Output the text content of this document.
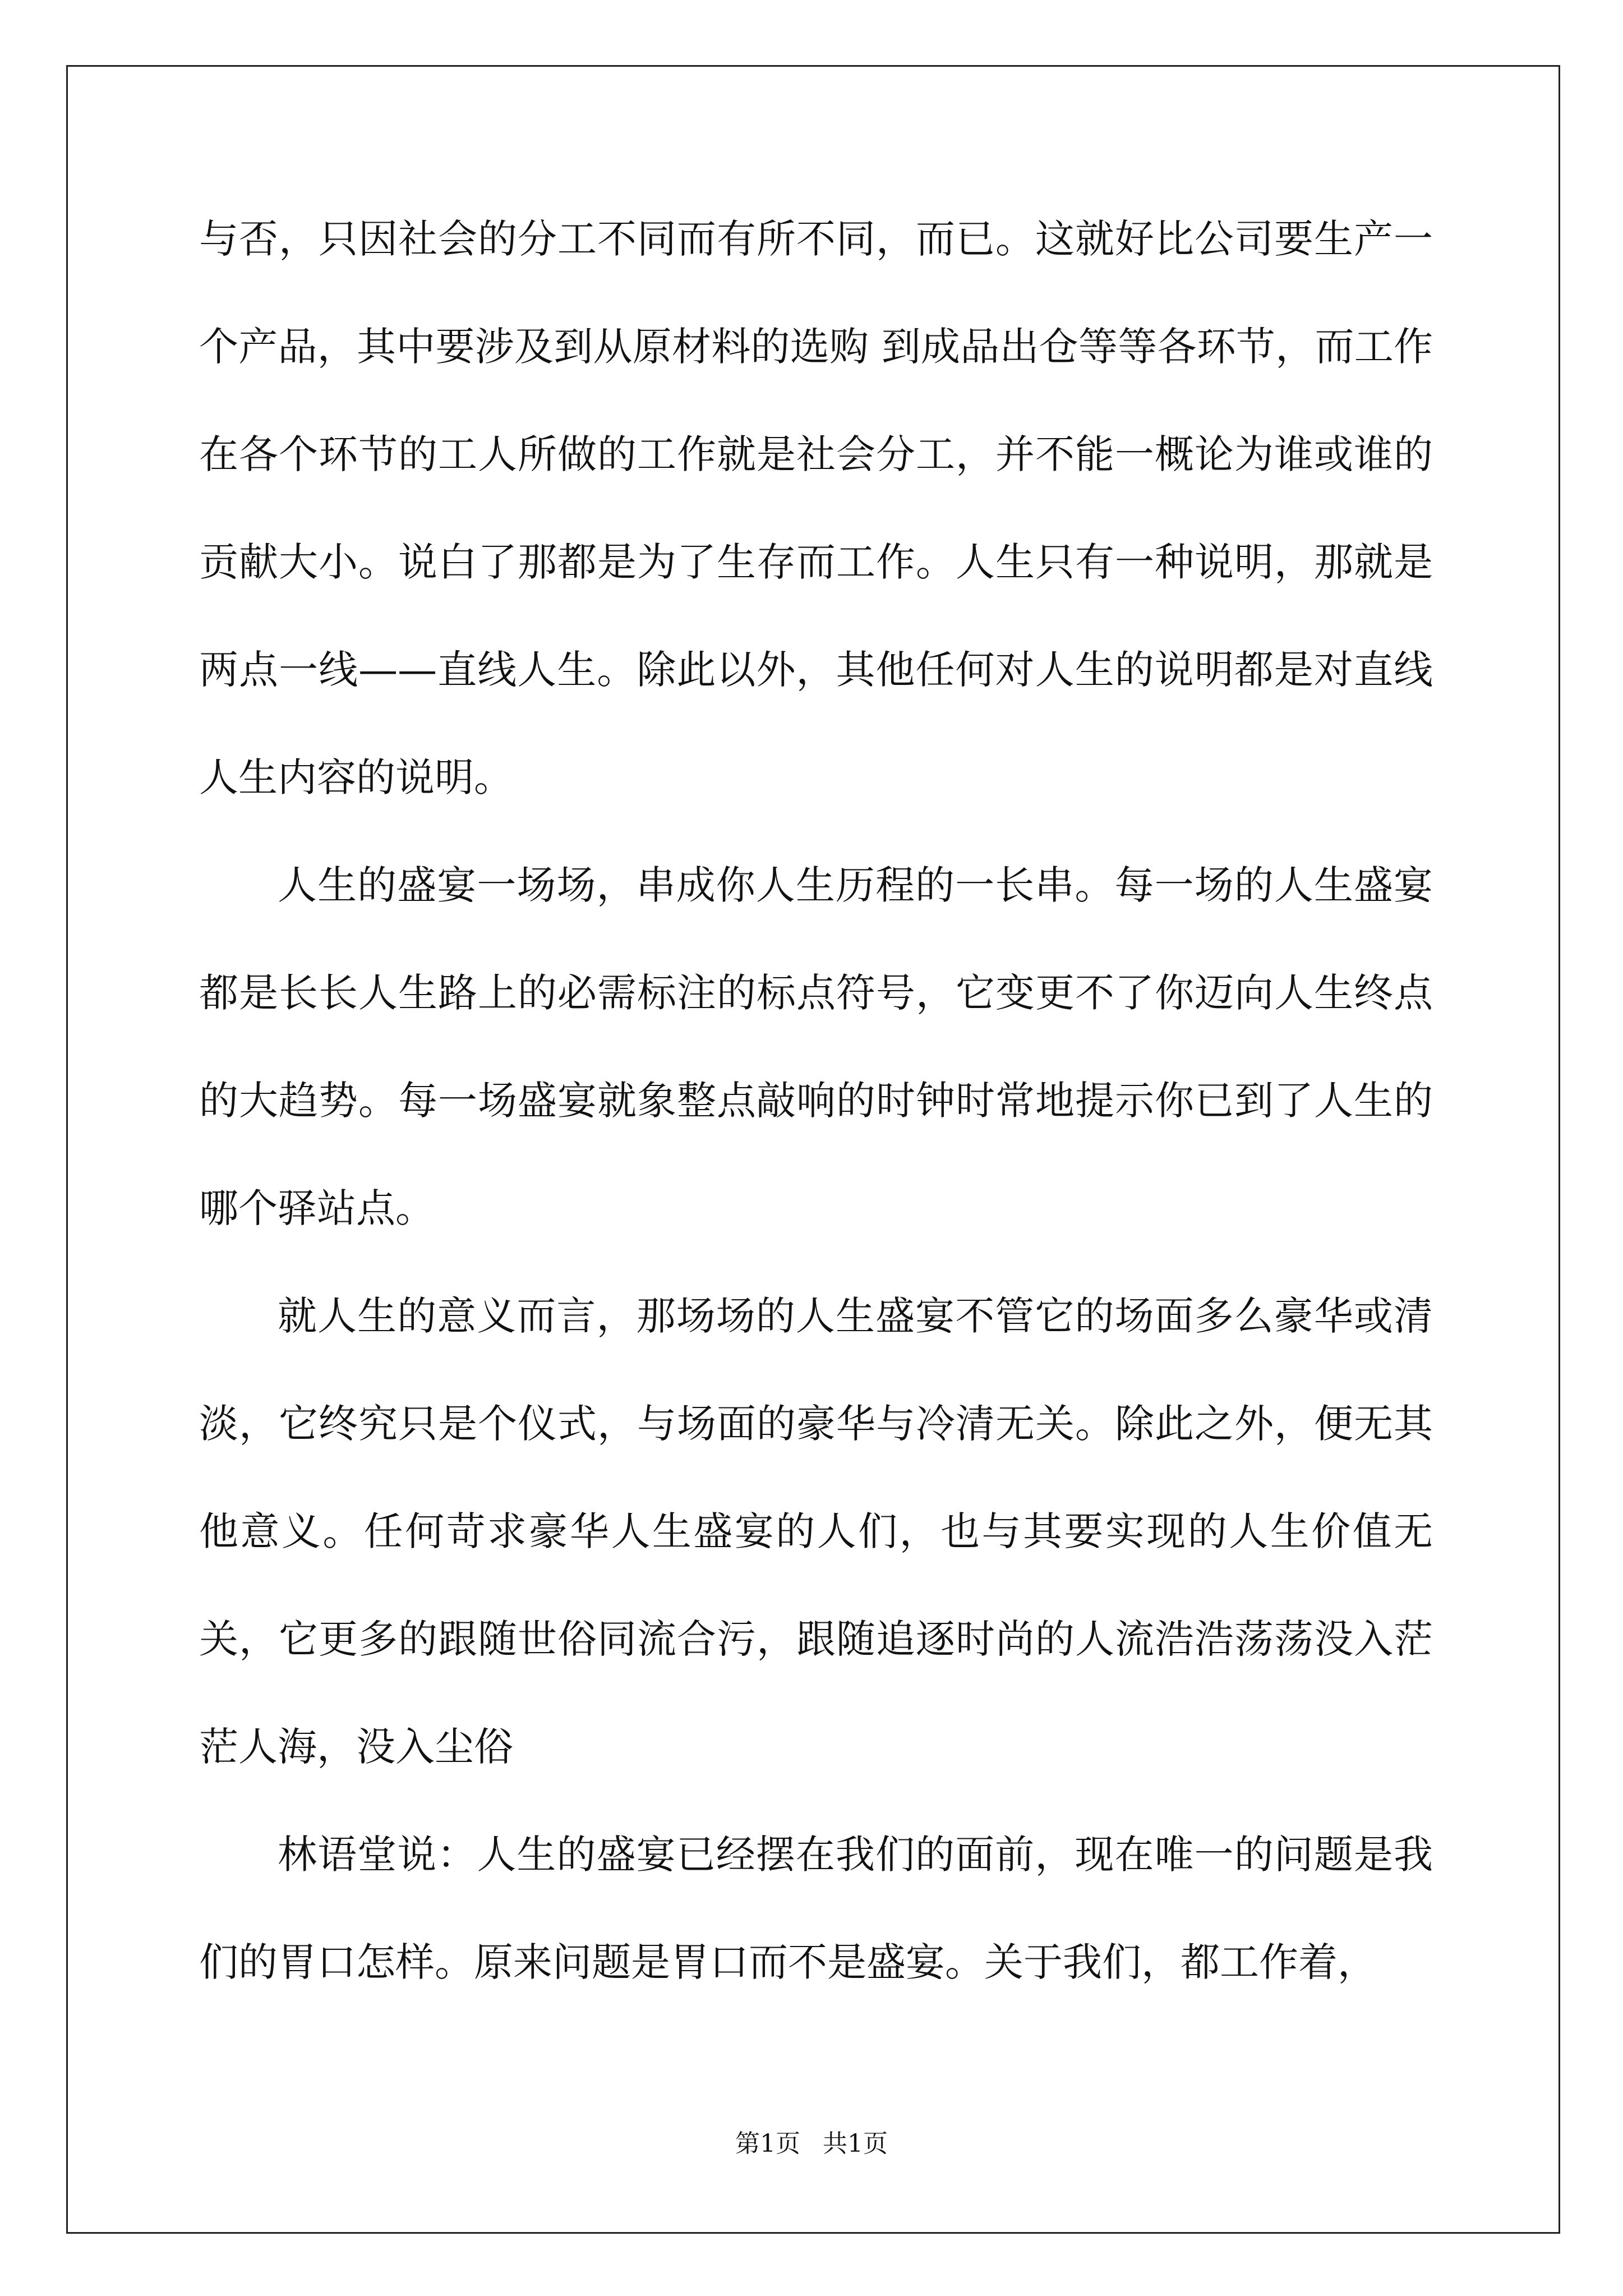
与否，只因社会的分工不同而有所不同，而已。这就好比公司要生产一个产品，其中要涉及到从原材料的选购 到成品出仓等等各环节，而工作在各个环节的工人所做的工作就是社会分工，并不能一概论为谁或谁的贡献大小。说白了那都是为了生存而工作。人生只有一种说明，那就是两点一线——直线人生。除此以外，其他任何对人生的说明都是对直线人生内容的说明。

人生的盛宴一场场，串成你人生历程的一长串。每一场的人生盛宴都是长长人生路上的必需标注的标点符号，它变更不了你迈向人生终点的大趋势。每一场盛宴就象整点敲响的时钟时常地提示你已到了人生的哪个驿站点。

就人生的意义而言，那场场的人生盛宴不管它的场面多么豪华或清淡，它终究只是个仪式，与场面的豪华与冷清无关。除此之外，便无其他意义。任何苛求豪华人生盛宴的人们，也与其要实现的人生价值无关，它更多的跟随世俗同流合污，跟随追逐时尚的人流浩浩荡荡没入茫茫人海，没入尘俗

林语堂说：人生的盛宴已经摆在我们的面前，现在唯一的问题是我们的胃口怎样。原来问题是胃口而不是盛宴。关于我们，都工作着，

第1页 共1页
